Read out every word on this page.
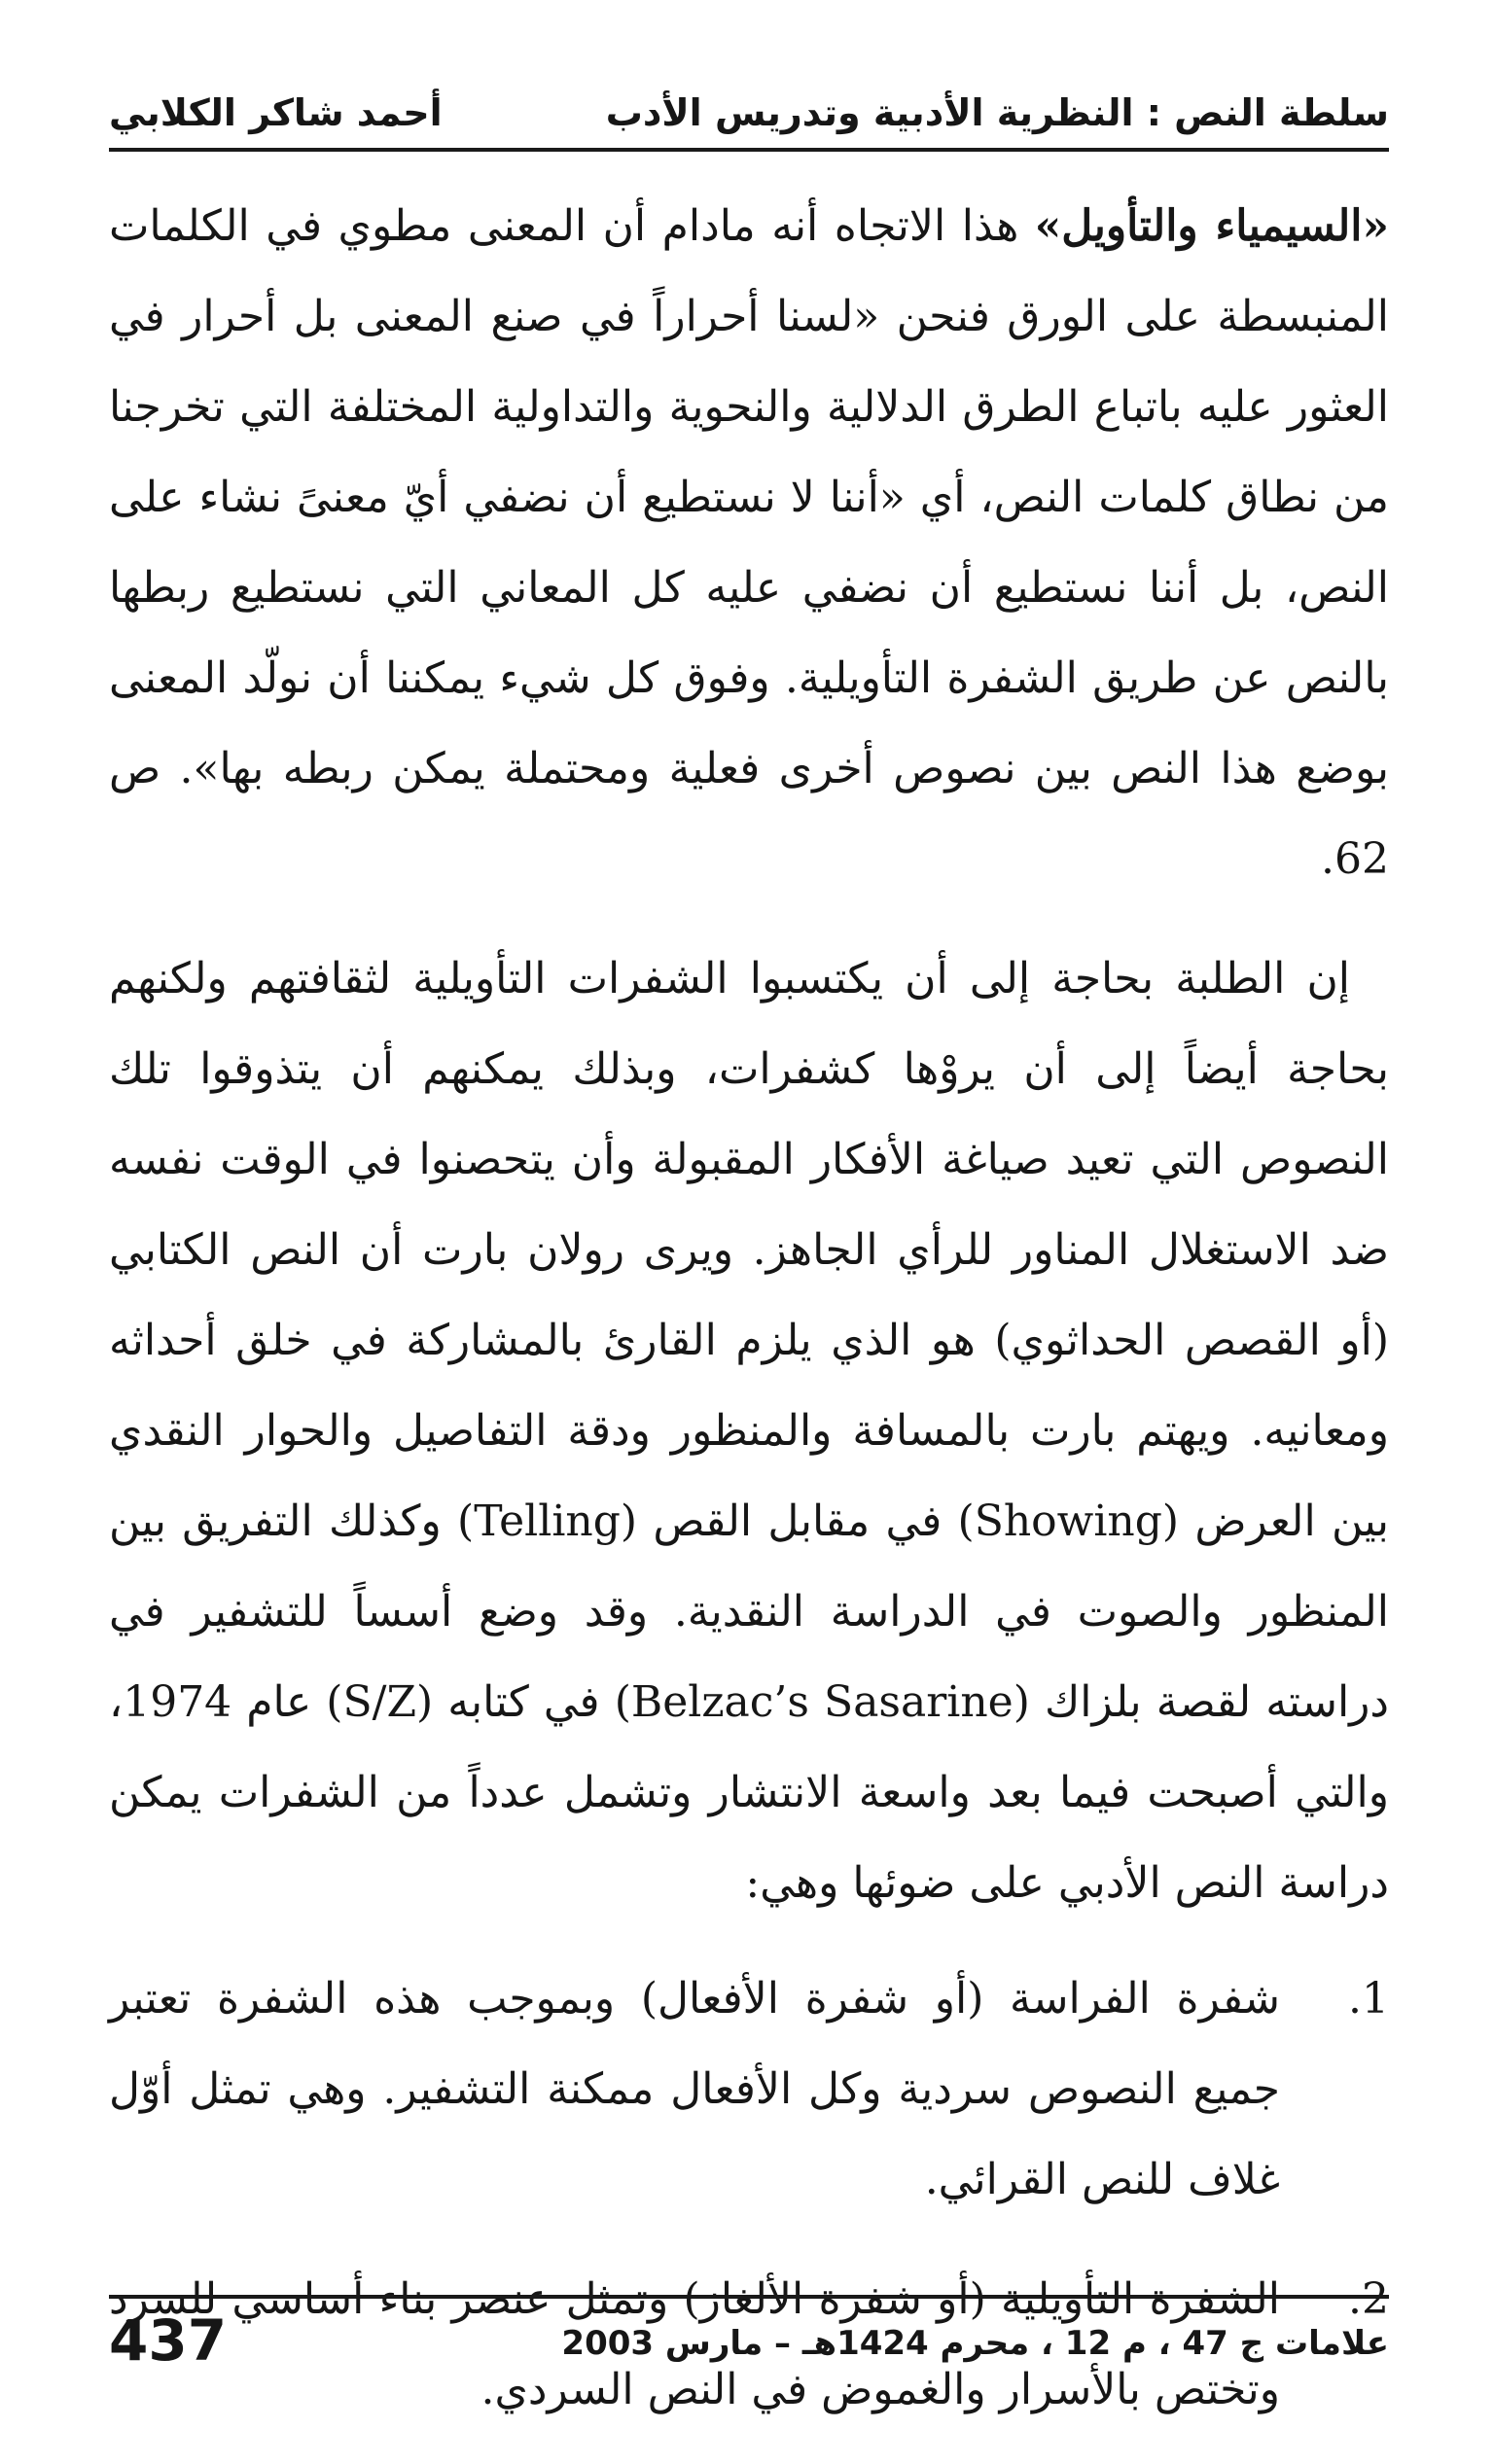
سلطة النص : النظرية الأدبية وتدريس الأدب
أحمد شاكر الكلابي

«السيمياء والتأويل» هذا الاتجاه أنه مادام أن المعنى مطوي في الكلمات المنبسطة على الورق فنحن «لسنا أحراراً في صنع المعنى بل أحرار في العثور عليه باتباع الطرق الدلالية والنحوية والتداولية المختلفة التي تخرجنا من نطاق كلمات النص، أي «أننا لا نستطيع أن نضفي أيّ معنىً نشاء على النص، بل أننا نستطيع أن نضفي عليه كل المعاني التي نستطيع ربطها بالنص عن طريق الشفرة التأويلية. وفوق كل شيء يمكننا أن نولّد المعنى بوضع هذا النص بين نصوص أخرى فعلية ومحتملة يمكن ربطه بها». ص 62.

إن الطلبة بحاجة إلى أن يكتسبوا الشفرات التأويلية لثقافتهم ولكنهم بحاجة أيضاً إلى أن يروْها كشفرات، وبذلك يمكنهم أن يتذوقوا تلك النصوص التي تعيد صياغة الأفكار المقبولة وأن يتحصنوا في الوقت نفسه ضد الاستغلال المناور للرأي الجاهز. ويرى رولان بارت أن النص الكتابي (أو القصص الحداثوي) هو الذي يلزم القارئ بالمشاركة في خلق أحداثه ومعانيه. ويهتم بارت بالمسافة والمنظور ودقة التفاصيل والحوار النقدي بين العرض (Showing) في مقابل القص (Telling) وكذلك التفريق بين المنظور والصوت في الدراسة النقدية. وقد وضع أسساً للتشفير في دراسته لقصة بلزاك (Belzac’s Sasarine) في كتابه (S/Z) عام 1974، والتي أصبحت فيما بعد واسعة الانتشار وتشمل عدداً من الشفرات يمكن دراسة النص الأدبي على ضوئها وهي:

1.
شفرة الفراسة (أو شفرة الأفعال) وبموجب هذه الشفرة تعتبر جميع النصوص سردية وكل الأفعال ممكنة التشفير. وهي تمثل أوّل غلاف للنص القرائي.
2.
الشفرة التأويلية (أو شفرة الألغاز) وتمثل عنصر بناء أساسي للسرد وتختص بالأسرار والغموض في النص السردي.
437	علامات ج 47 ، م 12 ، محرم 1424هـ – مارس 2003
